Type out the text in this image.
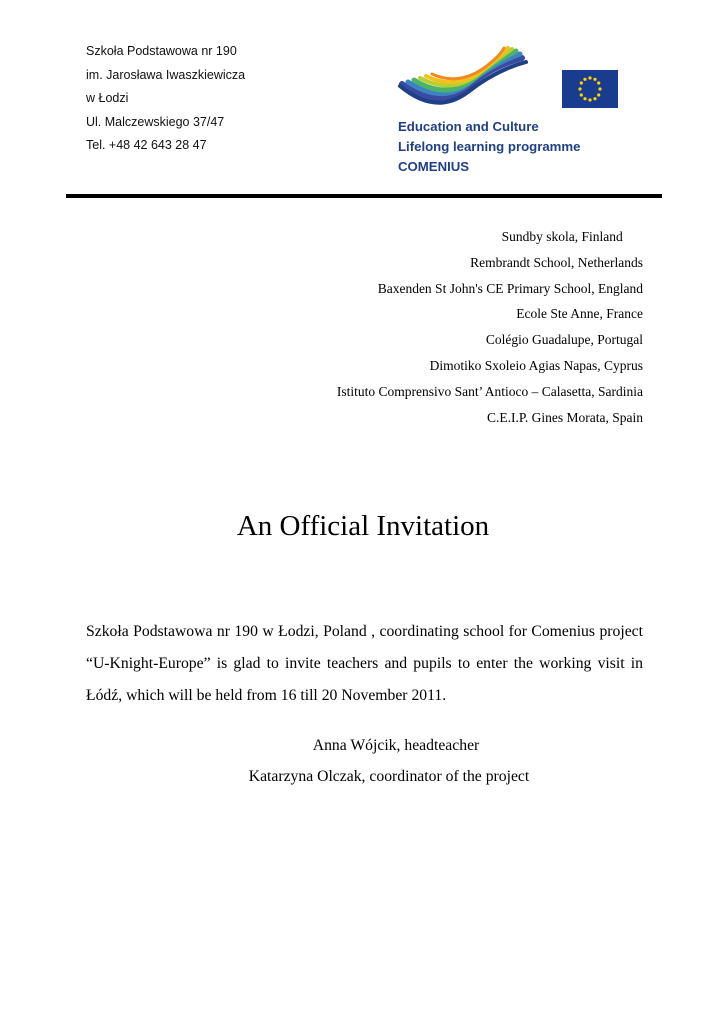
Szkoła Podstawowa nr 190
im. Jarosława Iwaszkiewicza
w Łodzi
Ul. Malczewskiego 37/47
Tel. +48 42 643 28 47
Education and Culture
Lifelong learning programme
COMENIUS
Sundby skola, Finland
Rembrandt School, Netherlands
Baxenden St John's CE Primary School, England
Ecole Ste Anne, France
Colégio Guadalupe, Portugal
Dimotiko Sxoleio Agias Napas, Cyprus
Istituto Comprensivo Sant’ Antioco – Calasetta, Sardinia
C.E.I.P. Gines Morata, Spain
An Official Invitation
Szkoła Podstawowa nr 190 w Łodzi, Poland , coordinating school for Comenius project “U-Knight-Europe” is glad to invite teachers and pupils to enter the working visit in Łódź, which will be held from 16 till 20 November 2011.
Anna Wójcik, headteacher
Katarzyna Olczak, coordinator of the project
